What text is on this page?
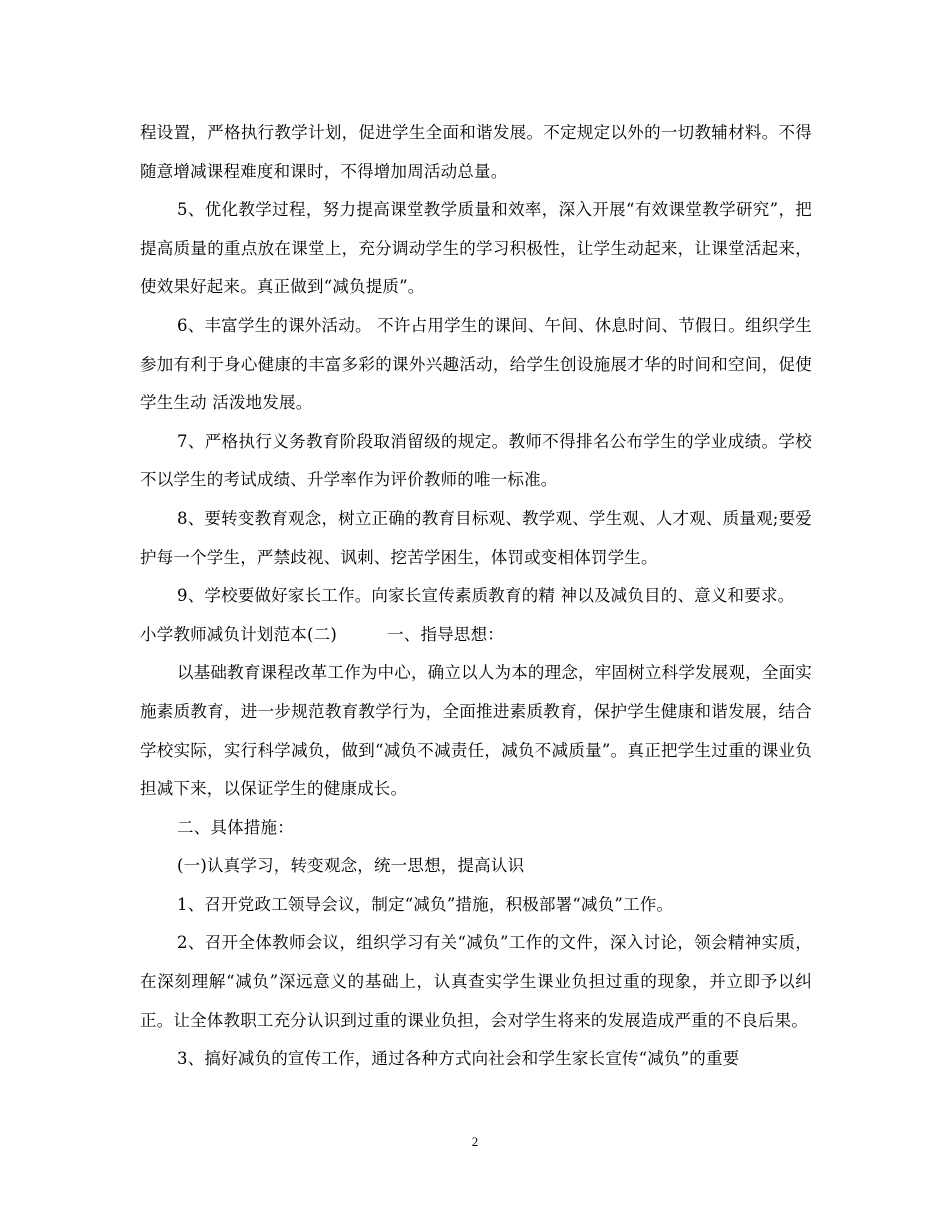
程设置，严格执行教学计划，促进学生全面和谐发展。不定规定以外的一切教辅材料。不得随意增减课程难度和课时，不得增加周活动总量。

5、优化教学过程，努力提高课堂教学质量和效率，深入开展“有效课堂教学研究”，把提高质量的重点放在课堂上，充分调动学生的学习积极性，让学生动起来，让课堂活起来，使效果好起来。真正做到“减负提质”。

6、丰富学生的课外活动。 不许占用学生的课间、午间、休息时间、节假日。组织学生参加有利于身心健康的丰富多彩的课外兴趣活动，给学生创设施展才华的时间和空间，促使学生生动 活泼地发展。

7、严格执行义务教育阶段取消留级的规定。教师不得排名公布学生的学业成绩。学校不以学生的考试成绩、升学率作为评价教师的唯一标准。

8、要转变教育观念，树立正确的教育目标观、教学观、学生观、人才观、质量观;要爱护每一个学生，严禁歧视、讽刺、挖苦学困生，体罚或变相体罚学生。

9、学校要做好家长工作。向家长宣传素质教育的精 神以及减负目的、意义和要求。

小学教师减负计划范本(二)　　　一、指导思想：

以基础教育课程改革工作为中心，确立以人为本的理念，牢固树立科学发展观，全面实施素质教育，进一步规范教育教学行为，全面推进素质教育，保护学生健康和谐发展，结合学校实际，实行科学减负，做到“减负不减责任，减负不减质量”。真正把学生过重的课业负担减下来，以保证学生的健康成长。

二、具体措施：

(一)认真学习，转变观念，统一思想，提高认识

1、召开党政工领导会议，制定“减负”措施，积极部署“减负”工作。

2、召开全体教师会议，组织学习有关“减负”工作的文件，深入讨论，领会精神实质，在深刻理解“减负”深远意义的基础上，认真查实学生课业负担过重的现象，并立即予以纠正。让全体教职工充分认识到过重的课业负担，会对学生将来的发展造成严重的不良后果。

3、搞好减负的宣传工作，通过各种方式向社会和学生家长宣传“减负”的重要

2
